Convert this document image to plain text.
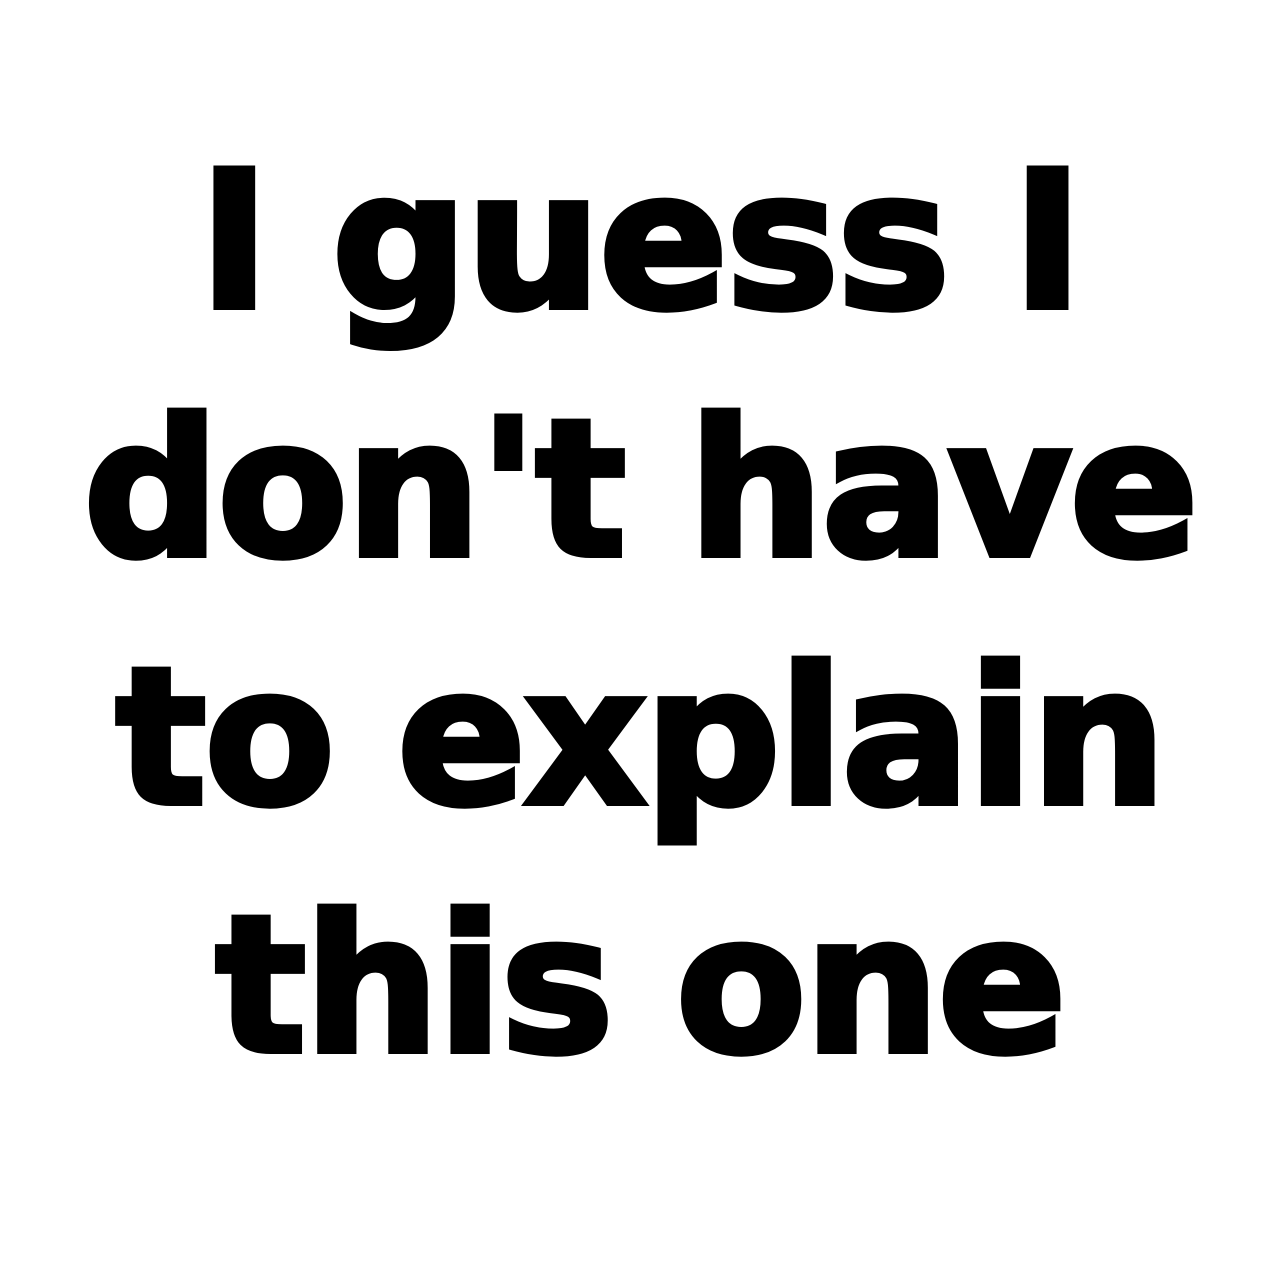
I guess I
don't have
to explain
this one
